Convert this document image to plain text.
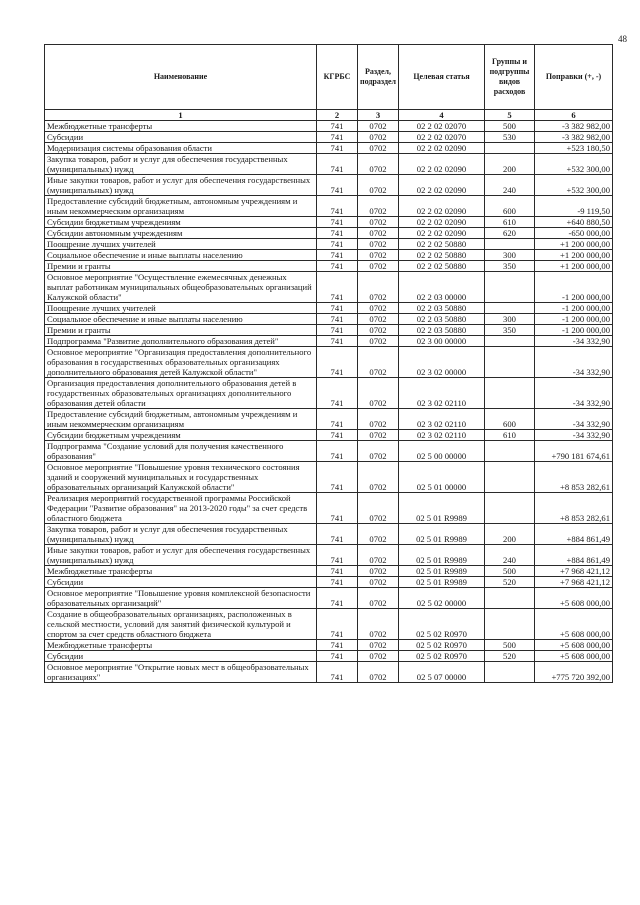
48
Наименование	КГРБС	Раздел, подраздел	Целевая статья	Группы и подгруппы видов расходов	Поправки (+, -)
1	2	3	4	5	6
Межбюджетные трансферты	741	0702	02 2 02 02070	500	-3 382 982,00
Субсидии	741	0702	02 2 02 02070	530	-3 382 982,00
Модернизация системы образования области	741	0702	02 2 02 02090		+523 180,50
Закупка товаров, работ и услуг для обеспечения государственных (муниципальных) нужд	741	0702	02 2 02 02090	200	+532 300,00
Иные закупки товаров, работ и услуг для обеспечения государственных (муниципальных) нужд	741	0702	02 2 02 02090	240	+532 300,00
Предоставление субсидий бюджетным, автономным учреждениям и иным некоммерческим организациям	741	0702	02 2 02 02090	600	-9 119,50
Субсидии бюджетным учреждениям	741	0702	02 2 02 02090	610	+640 880,50
Субсидии автономным учреждениям	741	0702	02 2 02 02090	620	-650 000,00
Поощрение лучших учителей	741	0702	02 2 02 50880		+1 200 000,00
Социальное обеспечение и иные выплаты населению	741	0702	02 2 02 50880	300	+1 200 000,00
Премии и гранты	741	0702	02 2 02 50880	350	+1 200 000,00
Основное мероприятие "Осуществление ежемесячных денежных выплат работникам муниципальных общеобразовательных организаций Калужской области"	741	0702	02 2 03 00000		-1 200 000,00
Поощрение лучших учителей	741	0702	02 2 03 50880		-1 200 000,00
Социальное обеспечение и иные выплаты населению	741	0702	02 2 03 50880	300	-1 200 000,00
Премии и гранты	741	0702	02 2 03 50880	350	-1 200 000,00
Подпрограмма "Развитие дополнительного образования детей"	741	0702	02 3 00 00000		-34 332,90
Основное мероприятие "Организация предоставления дополнительного образования в государственных образовательных организациях дополнительного образования детей Калужской области"	741	0702	02 3 02 00000		-34 332,90
Организация предоставления дополнительного образования детей в государственных образовательных организациях дополнительного образования детей области	741	0702	02 3 02 02110		-34 332,90
Предоставление субсидий бюджетным, автономным учреждениям и иным некоммерческим организациям	741	0702	02 3 02 02110	600	-34 332,90
Субсидии бюджетным учреждениям	741	0702	02 3 02 02110	610	-34 332,90
Подпрограмма "Создание условий для получения качественного образования"	741	0702	02 5 00 00000		+790 181 674,61
Основное мероприятие "Повышение уровня технического состояния зданий и сооружений муниципальных и государственных образовательных организаций Калужской области"	741	0702	02 5 01 00000		+8 853 282,61
Реализация мероприятий государственной программы Российской Федерации "Развитие образования" на 2013-2020 годы" за счет средств областного бюджета	741	0702	02 5 01 R9989		+8 853 282,61
Закупка товаров, работ и услуг для обеспечения государственных (муниципальных) нужд	741	0702	02 5 01 R9989	200	+884 861,49
Иные закупки товаров, работ и услуг для обеспечения государственных (муниципальных) нужд	741	0702	02 5 01 R9989	240	+884 861,49
Межбюджетные трансферты	741	0702	02 5 01 R9989	500	+7 968 421,12
Субсидии	741	0702	02 5 01 R9989	520	+7 968 421,12
Основное мероприятие "Повышение уровня комплексной безопасности образовательных организаций"	741	0702	02 5 02 00000		+5 608 000,00
Создание в общеобразовательных организациях, расположенных в сельской местности, условий для занятий физической культурой и спортом за счет средств областного бюджета	741	0702	02 5 02 R0970		+5 608 000,00
Межбюджетные трансферты	741	0702	02 5 02 R0970	500	+5 608 000,00
Субсидии	741	0702	02 5 02 R0970	520	+5 608 000,00
Основное мероприятие "Открытие новых мест в общеобразовательных организациях"	741	0702	02 5 07 00000		+775 720 392,00
